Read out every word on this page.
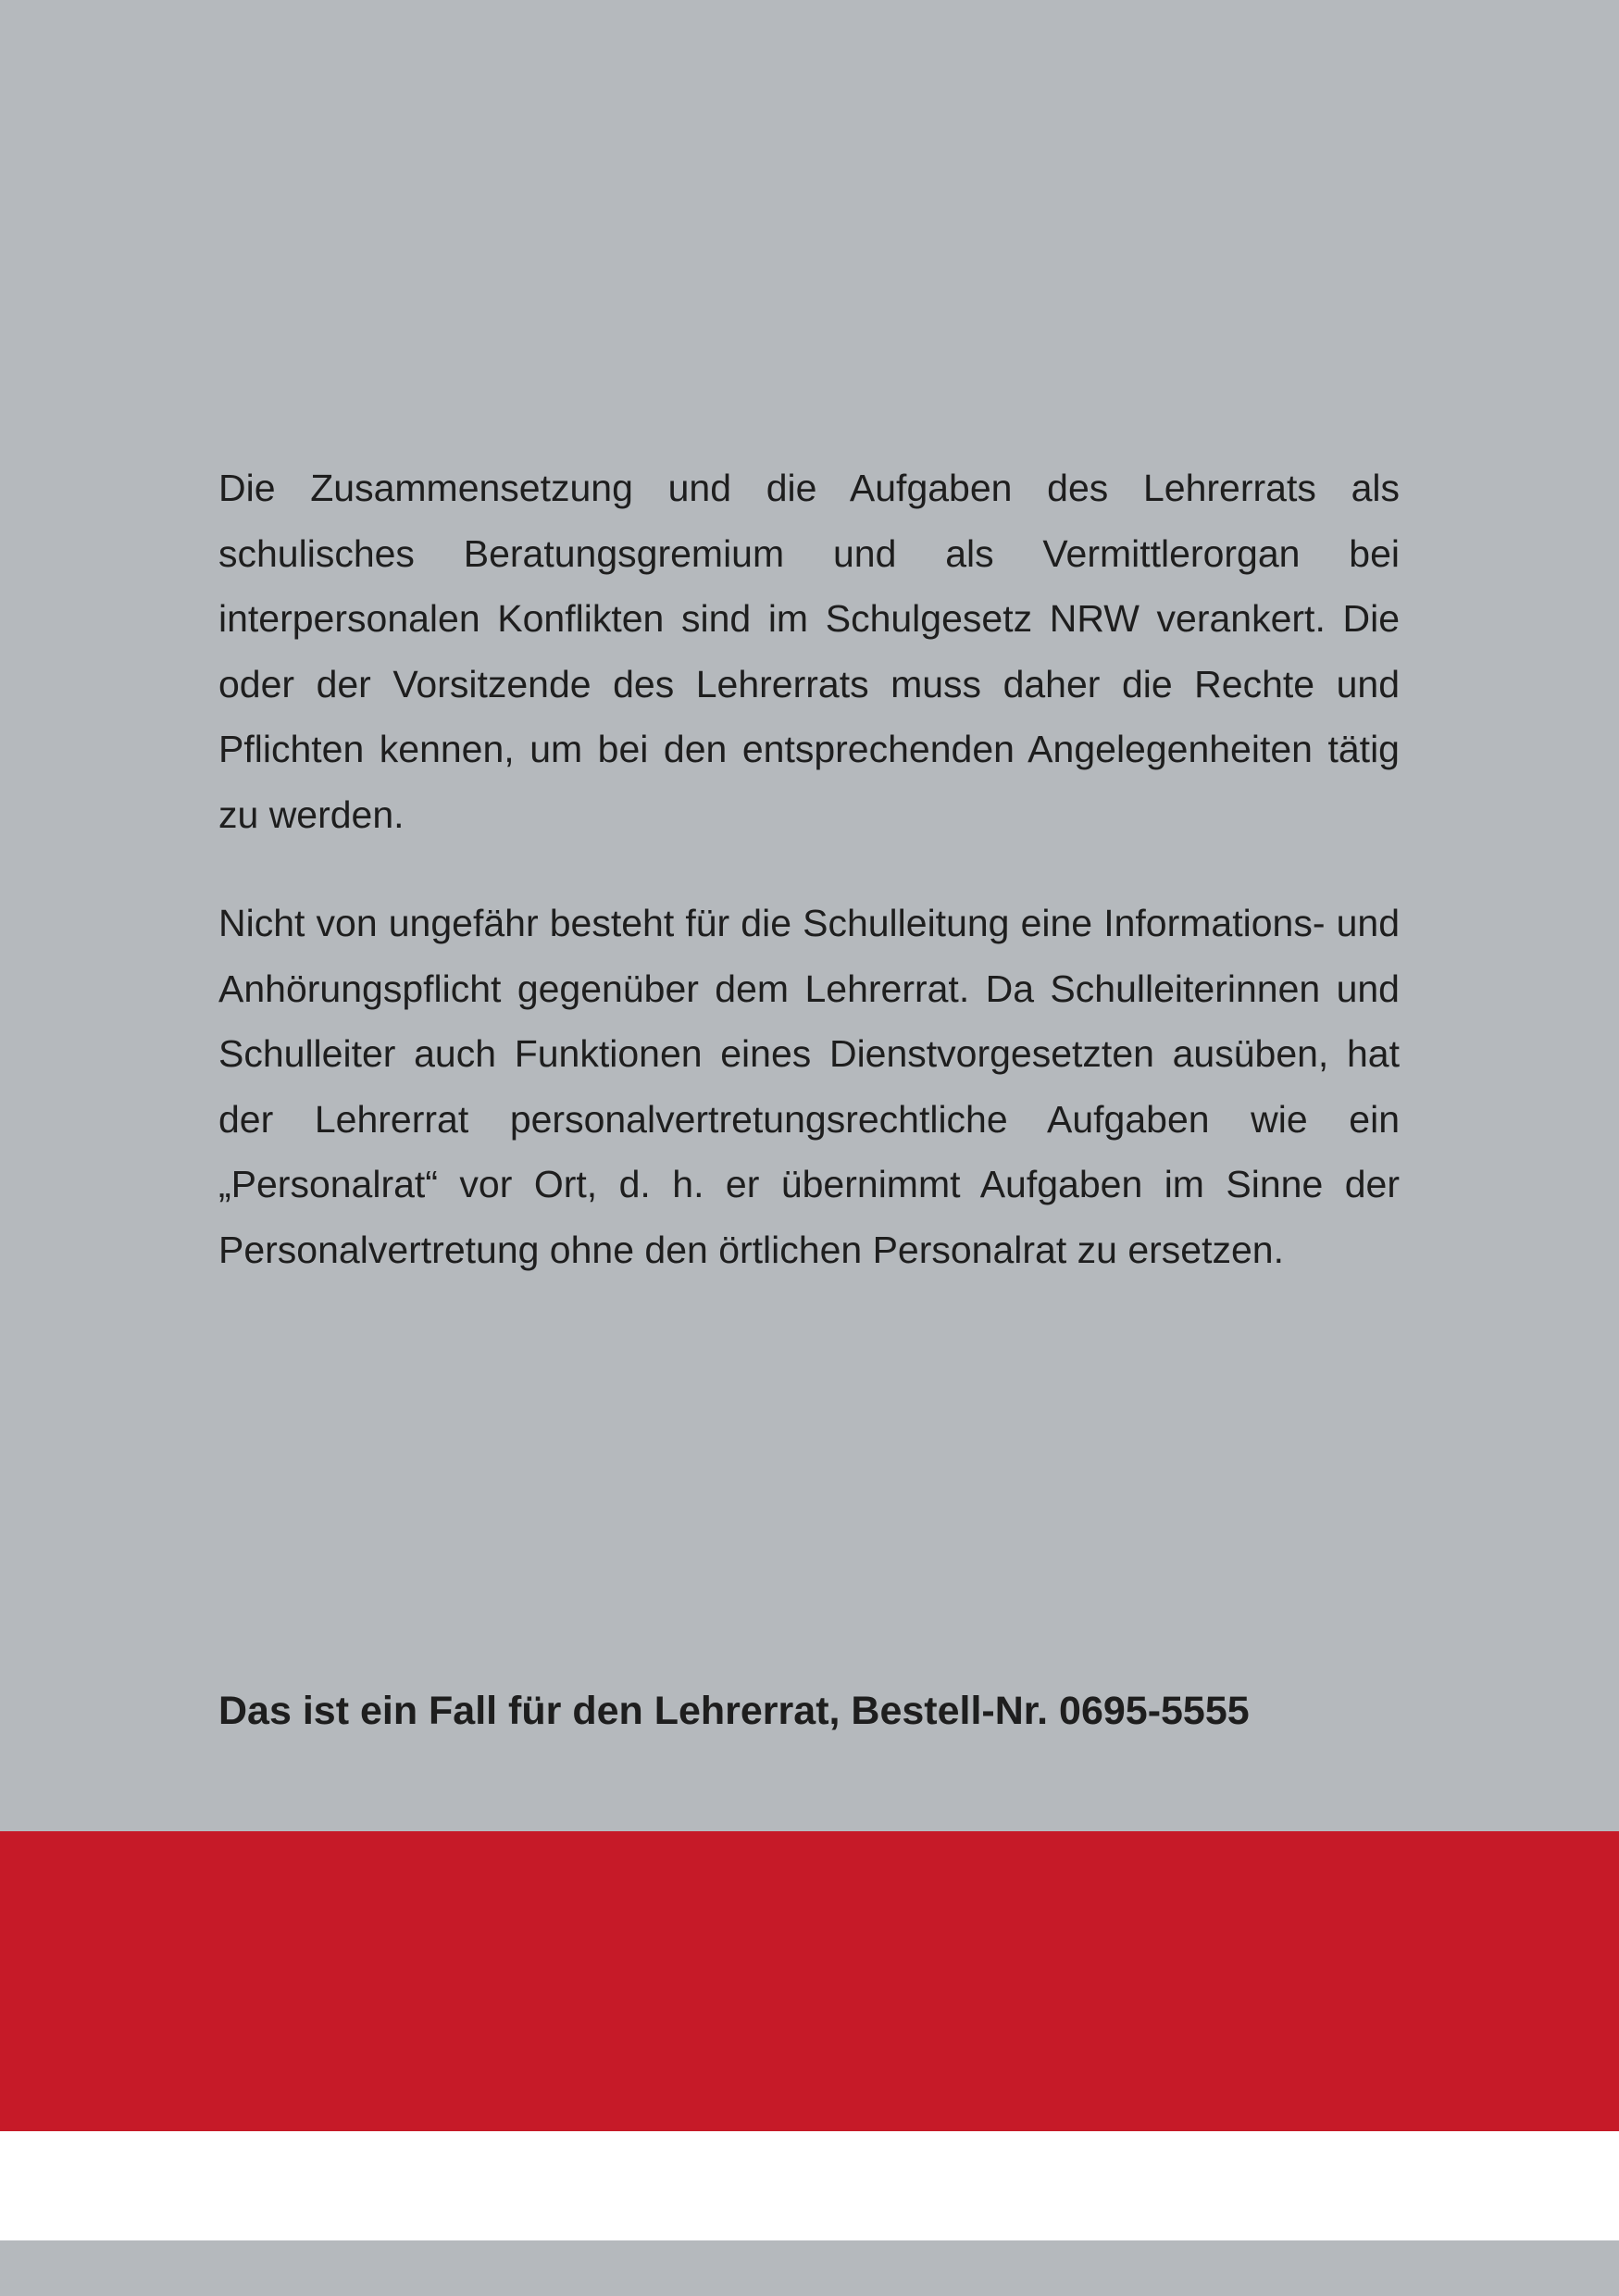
Die Zusammensetzung und die Aufgaben des Lehrerrats als schulisches Beratungsgremium und als Vermittlerorgan bei interpersonalen Konflikten sind im Schulgesetz NRW verankert. Die oder der Vorsitzende des Lehrerrats muss daher die Rechte und Pflichten kennen, um bei den entsprechenden Angelegenheiten tätig zu werden.

Nicht von ungefähr besteht für die Schulleitung eine Informations- und Anhörungspflicht gegenüber dem Lehrerrat. Da Schulleiterinnen und Schulleiter auch Funktionen eines Dienstvorgesetzten ausüben, hat der Lehrerrat personalvertretungsrechtliche Aufgaben wie ein „Personalrat“ vor Ort, d. h. er übernimmt Aufgaben im Sinne der Personalvertretung ohne den örtlichen Personalrat zu ersetzen.

Das ist ein Fall für den Lehrerrat, Bestell-Nr. 0695-5555
